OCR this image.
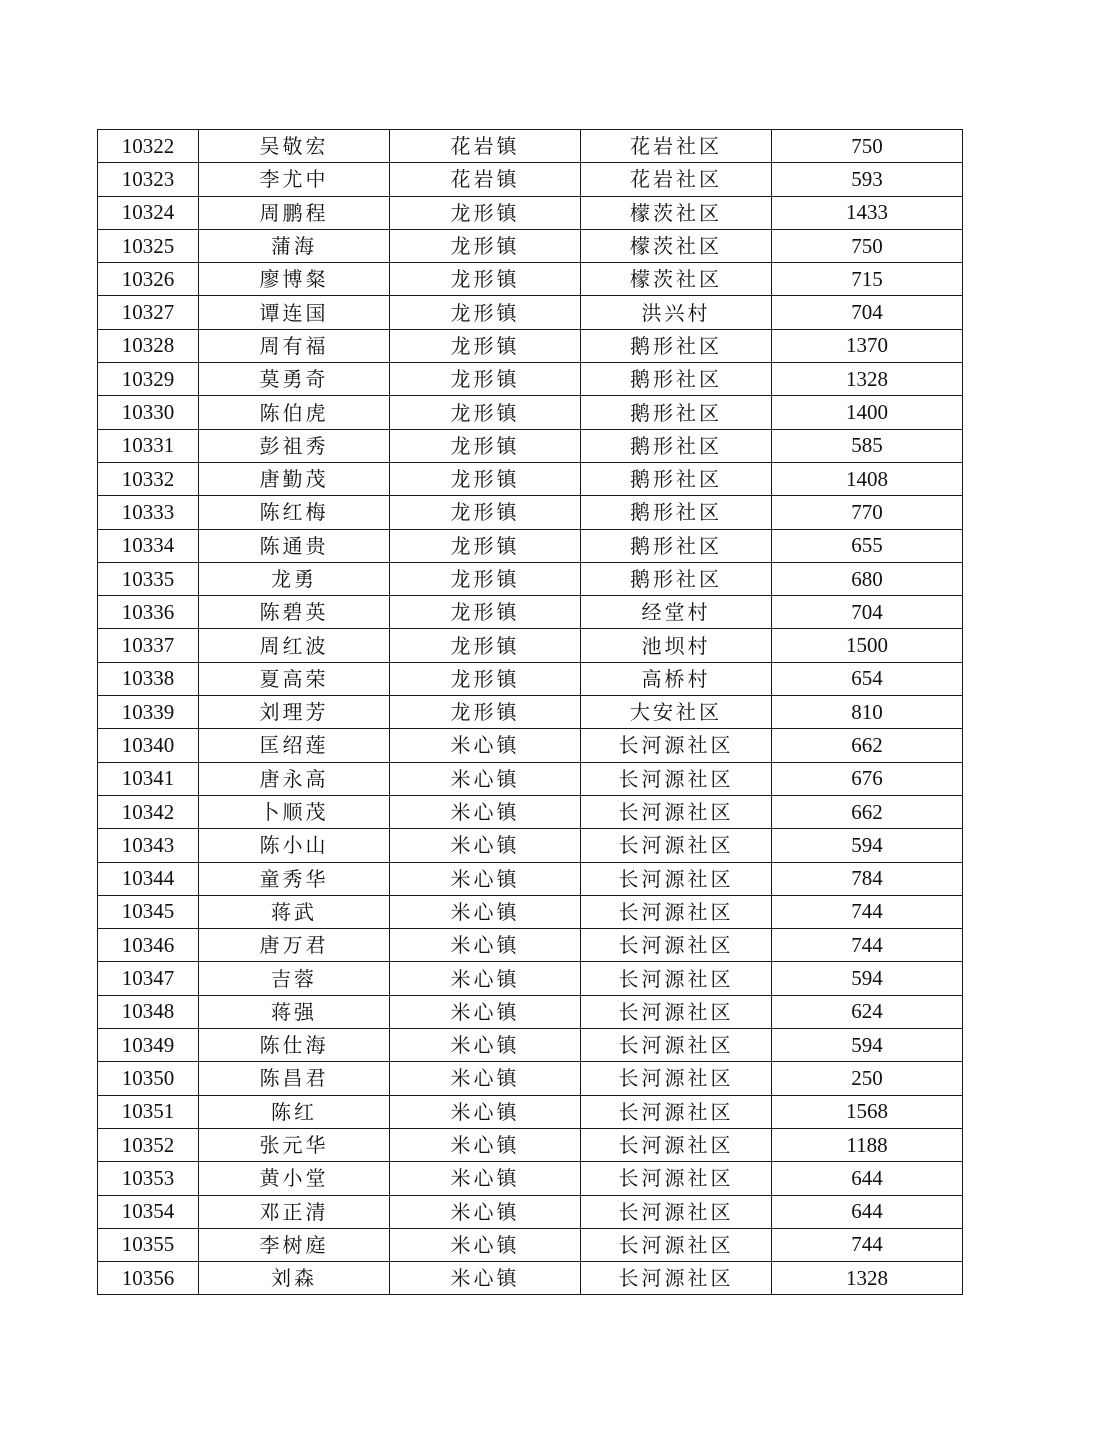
10322	吴敬宏	花岩镇	花岩社区	750
10323	李尤中	花岩镇	花岩社区	593
10324	周鹏程	龙形镇	檬茨社区	1433
10325	蒲海	龙形镇	檬茨社区	750
10326	廖博粲	龙形镇	檬茨社区	715
10327	谭连国	龙形镇	洪兴村	704
10328	周有福	龙形镇	鹅形社区	1370
10329	莫勇奇	龙形镇	鹅形社区	1328
10330	陈伯虎	龙形镇	鹅形社区	1400
10331	彭祖秀	龙形镇	鹅形社区	585
10332	唐勤茂	龙形镇	鹅形社区	1408
10333	陈红梅	龙形镇	鹅形社区	770
10334	陈通贵	龙形镇	鹅形社区	655
10335	龙勇	龙形镇	鹅形社区	680
10336	陈碧英	龙形镇	经堂村	704
10337	周红波	龙形镇	池坝村	1500
10338	夏高荣	龙形镇	高桥村	654
10339	刘理芳	龙形镇	大安社区	810
10340	匡绍莲	米心镇	长河源社区	662
10341	唐永高	米心镇	长河源社区	676
10342	卜顺茂	米心镇	长河源社区	662
10343	陈小山	米心镇	长河源社区	594
10344	童秀华	米心镇	长河源社区	784
10345	蒋武	米心镇	长河源社区	744
10346	唐万君	米心镇	长河源社区	744
10347	吉蓉	米心镇	长河源社区	594
10348	蒋强	米心镇	长河源社区	624
10349	陈仕海	米心镇	长河源社区	594
10350	陈昌君	米心镇	长河源社区	250
10351	陈红	米心镇	长河源社区	1568
10352	张元华	米心镇	长河源社区	1188
10353	黄小堂	米心镇	长河源社区	644
10354	邓正清	米心镇	长河源社区	644
10355	李树庭	米心镇	长河源社区	744
10356	刘森	米心镇	长河源社区	1328
